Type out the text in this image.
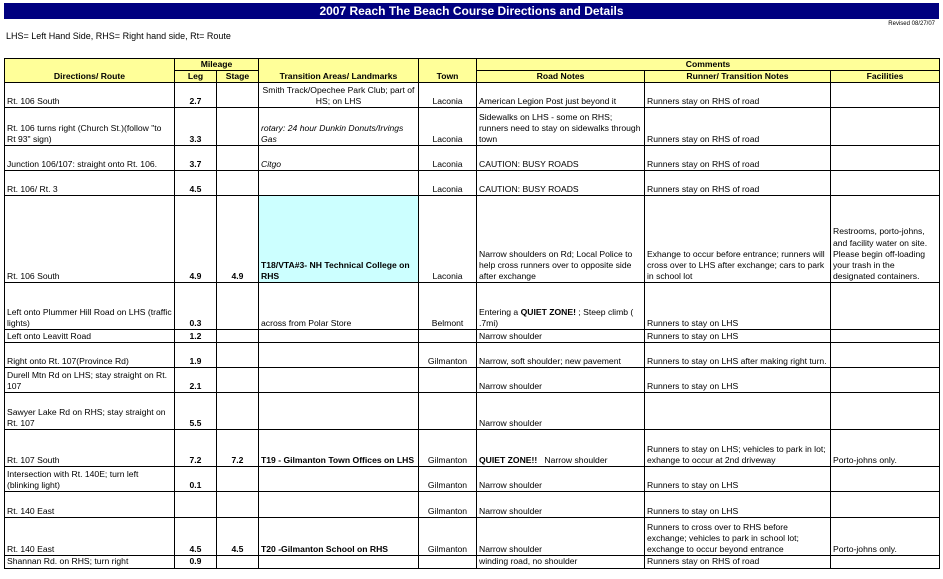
2007 Reach The Beach Course Directions and Details
Revised 08/27/07
LHS= Left Hand Side, RHS= Right hand side, Rt= Route
Directions/ Route	Mileage		Transition Areas/ Landmarks	Town	Comments		
	Leg	Stage			Road Notes	Runner/ Transition Notes	Facilities
Rt. 106 South	2.7		Smith Track/Opechee Park Club; part of HS; on LHS	Laconia	American Legion Post just beyond it	Runners stay on RHS of road	
Rt. 106 turns right (Church St.)(follow "to Rt 93" sign)	3.3		rotary: 24 hour Dunkin Donuts/Irvings Gas	Laconia	Sidewalks on LHS - some on RHS; runners need to stay on sidewalks through town	Runners stay on RHS of road	
Junction 106/107: straight onto Rt. 106.	3.7		Citgo	Laconia	CAUTION: BUSY ROADS	Runners stay on RHS of road	
Rt. 106/ Rt. 3	4.5			Laconia	CAUTION: BUSY ROADS	Runners stay on RHS of road	
Rt. 106 South	4.9	4.9	T18/VTA#3- NH Technical College on RHS	Laconia	Narrow shoulders on Rd; Local Police to help cross runners over to opposite side after exchange	Exhange to occur before entrance; runners will cross over to LHS after exchange; cars to park in school lot	Restrooms, porto-johns, and facility water on site. Please begin off-loading your trash in the designated containers.
Left onto Plummer Hill Road on LHS (traffic lights)	0.3		across from Polar Store	Belmont	Entering a QUIET ZONE! ; Steep climb ( .7mi)	Runners to stay on LHS	
Left onto Leavitt Road	1.2				Narrow shoulder	Runners to stay on LHS	
Right onto Rt. 107(Province Rd)	1.9			Gilmanton	Narrow, soft shoulder; new pavement	Runners to stay on LHS after making right turn.	
Durell Mtn Rd on LHS; stay straight on Rt. 107	2.1				Narrow shoulder	Runners to stay on LHS	
Sawyer Lake Rd on RHS; stay straight on Rt. 107	5.5				Narrow shoulder		
Rt. 107 South	7.2	7.2	T19 - Gilmanton Town Offices on LHS	Gilmanton	QUIET ZONE!!   Narrow shoulder	Runners to stay on LHS; vehicles to park in lot; exhange to occur at 2nd driveway	Porto-johns only.
Intersection with Rt. 140E; turn left (blinking light)	0.1			Gilmanton	Narrow shoulder	Runners to stay on LHS	
Rt. 140 East				Gilmanton	Narrow shoulder	Runners to stay on LHS	
Rt. 140 East	4.5	4.5	T20 -Gilmanton School on RHS	Gilmanton	Narrow shoulder	Runners to cross over to RHS before exchange; vehicles to park in school lot; exchange to occur beyond entrance	Porto-johns only.
Shannan Rd. on RHS; turn right	0.9				winding road, no shoulder	Runners stay on RHS of road	
